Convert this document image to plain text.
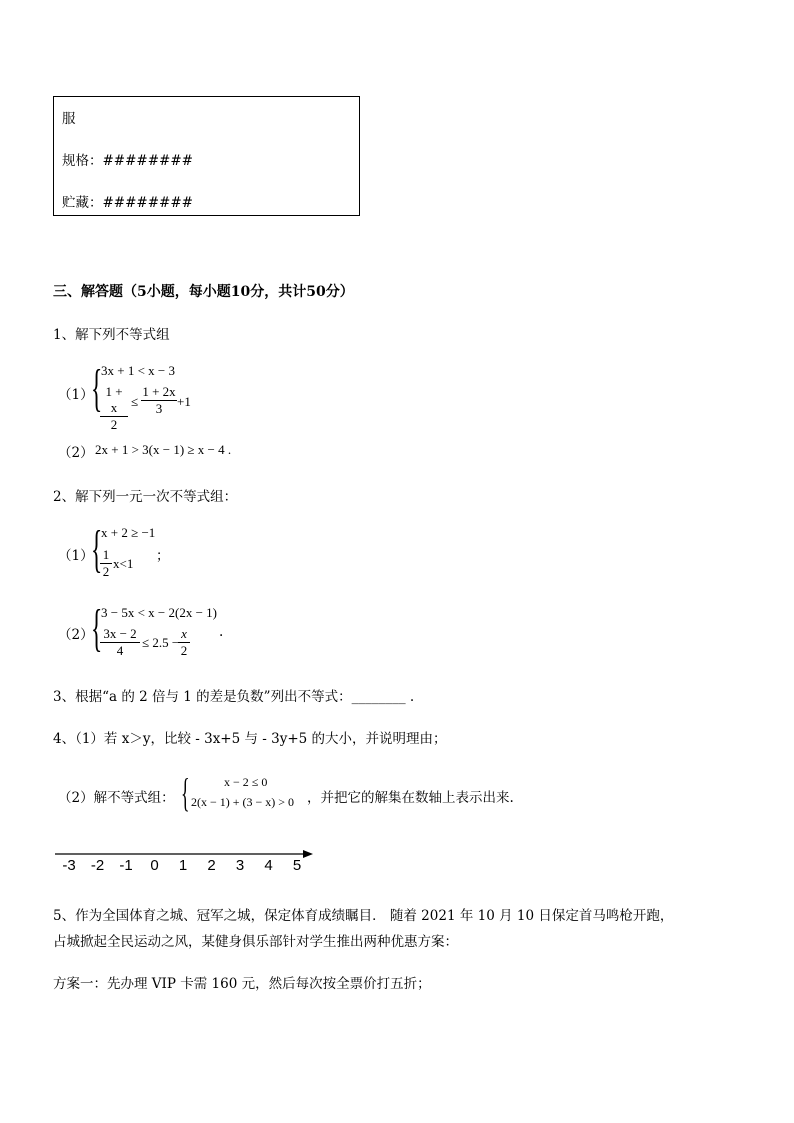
服
规格：########
贮藏：########
三、解答题（5小题，每小题10分，共计50分）
1、解下列不等式组
（1）
{
3x + 1 < x − 3
$\frac{1 + x}{2} \le \frac{1 + 2x}{3} +1$
（2） 2x + 1 > 3(x − 1) ≥ x − 4 .
2、解下列一元一次不等式组：
（1）
{
x + 2 ≥ −1
$\frac{1}{2} x<1$ ；
（2）
{
3 − 5x < x − 2(2x − 1)
$\frac{3x - 2}{4} \le 2.5$ −
$\frac{x}{2}$ .
3、根据“a 的 2 倍与 1 的差是负数”列出不等式：________ .
4、（1）若 x＞y，比较 - 3x+5 与 - 3y+5 的大小，并说明理由；
（2）解不等式组： {	x − 2 ≤ 0
2(x − 1) + (3 − x) > 0 ，并把它的解集在数轴上表示出来.
-3	-2	-1	0	1	2	3	4	5
5、作为全国体育之城、冠军之城，保定体育成绩瞩目． 随着 2021 年 10 月 10 日保定首马鸣枪开跑，
占城掀起全民运动之风，某健身俱乐部针对学生推出两种优惠方案：
方案一：先办理 VIP 卡需 160 元，然后每次按全票价打五折；
